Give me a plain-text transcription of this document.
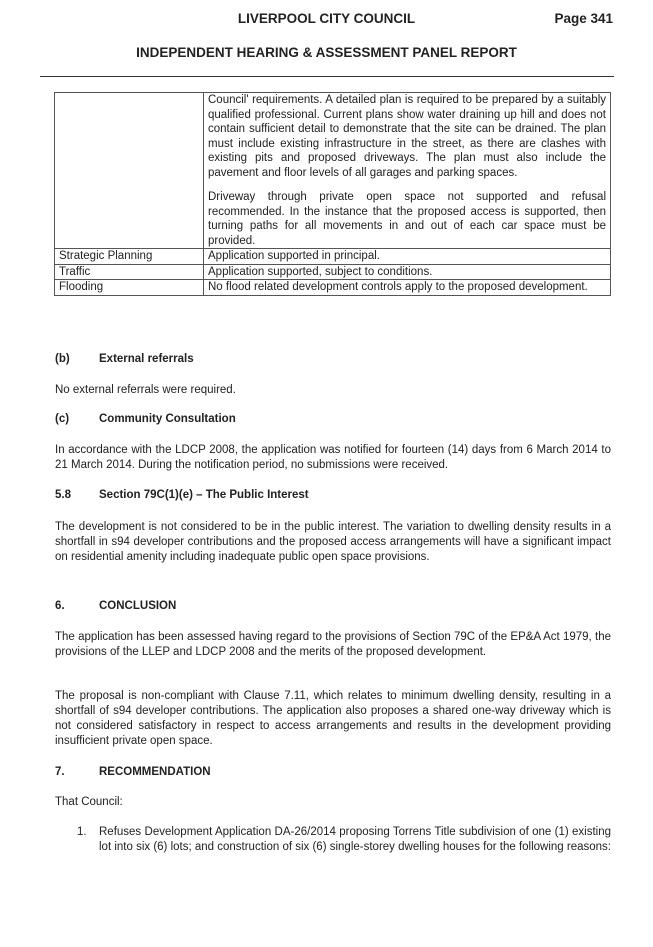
LIVERPOOL CITY COUNCIL	Page 341
INDEPENDENT HEARING & ASSESSMENT PANEL REPORT

	Council' requirements. A detailed plan is required to be prepared by a suitably qualified professional. Current plans show water draining up hill and does not contain sufficient detail to demonstrate that the site can be drained. The plan must include existing infrastructure in the street, as there are clashes with existing pits and proposed driveways. The plan must also include the pavement and floor levels of all garages and parking spaces.

Driveway through private open space not supported and refusal recommended. In the instance that the proposed access is supported, then turning paths for all movements in and out of each car space must be provided.

Strategic Planning	Application supported in principal.

Traffic	Application supported, subject to conditions.

Flooding	No flood related development controls apply to the proposed development.

(b)	External referrals
No external referrals were required.
(c)	Community Consultation
In accordance with the LDCP 2008, the application was notified for fourteen (14) days from 6 March 2014 to 21 March 2014. During the notification period, no submissions were received.
5.8 Section 79C(1)(e) – The Public Interest
The development is not considered to be in the public interest. The variation to dwelling density results in a shortfall in s94 developer contributions and the proposed access arrangements will have a significant impact on residential amenity including inadequate public open space provisions.
6.	CONCLUSION
The application has been assessed having regard to the provisions of Section 79C of the EP&A Act 1979, the provisions of the LLEP and LDCP 2008 and the merits of the proposed development.
The proposal is non-compliant with Clause 7.11, which relates to minimum dwelling density, resulting in a shortfall of s94 developer contributions. The application also proposes a shared one-way driveway which is not considered satisfactory in respect to access arrangements and results in the development providing insufficient private open space.
7.	RECOMMENDATION
That Council:
1. Refuses Development Application DA-26/2014 proposing Torrens Title subdivision of one (1) existing lot into six (6) lots; and construction of six (6) single-storey dwelling houses for the following reasons:
